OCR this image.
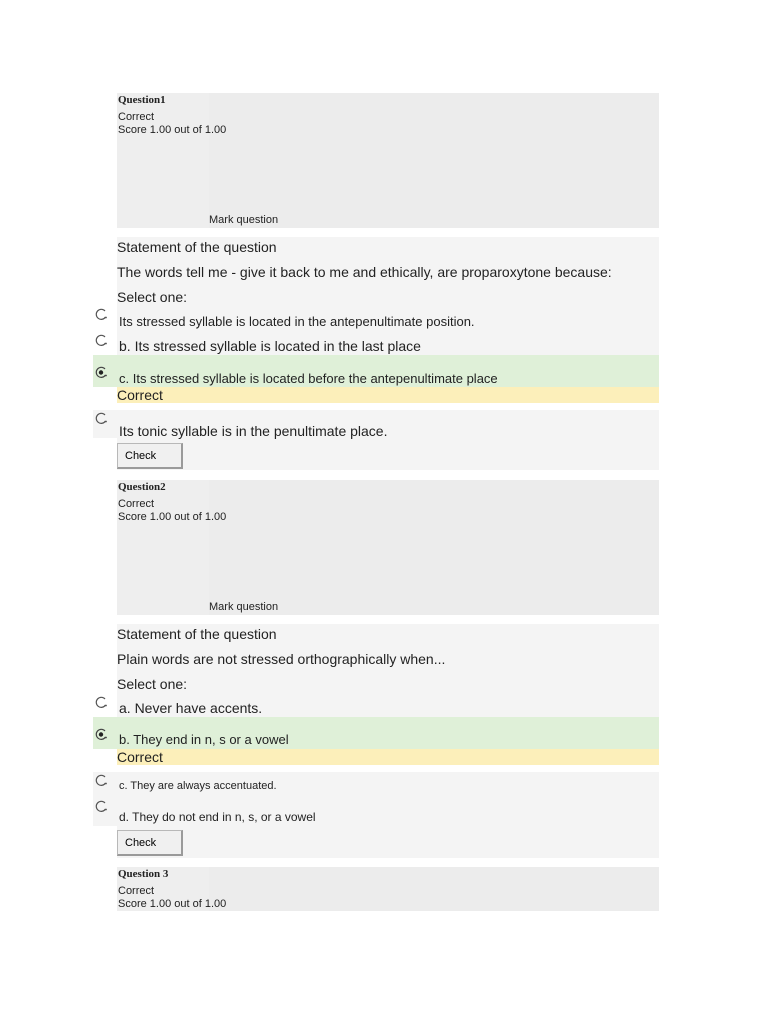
Question1
Correct
Score 1.00 out of 1.00
Mark question
Statement of the question
The words tell me - give it back to me and ethically, are proparoxytone because:
Select one:
Its stressed syllable is located in the antepenultimate position.
b. Its stressed syllable is located in the last place
c. Its stressed syllable is located before the antepenultimate place
Correct
Its tonic syllable is in the penultimate place.
Check
Question2
Correct
Score 1.00 out of 1.00
Mark question
Statement of the question
Plain words are not stressed orthographically when...
Select one:
a. Never have accents.
b. They end in n, s or a vowel
Correct
c. They are always accentuated.
d. They do not end in n, s, or a vowel
Check
Question 3
Correct
Score 1.00 out of 1.00
